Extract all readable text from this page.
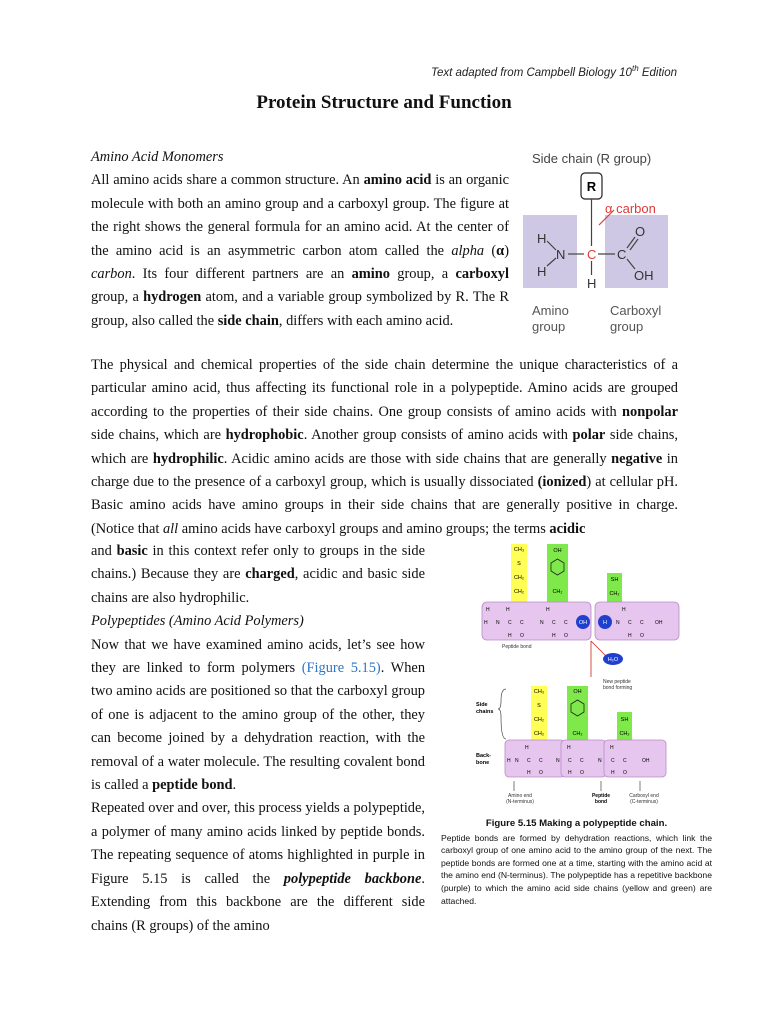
Text adapted from Campbell Biology 10th Edition
Protein Structure and Function
Amino Acid Monomers

All amino acids share a common structure. An amino acid is an organic molecule with both an amino group and a carboxyl group. The figure at the right shows the general formula for an amino acid. At the center of the amino acid is an asymmetric carbon atom called the alpha (α) carbon. Its four different partners are an amino group, a carboxyl group, a hydrogen atom, and a variable group symbolized by R. The R group, also called the side chain, differs with each amino acid.

The physical and chemical properties of the side chain determine the unique characteristics of a particular amino acid, thus affecting its functional role in a polypeptide. Amino acids are grouped according to the properties of their side chains. One group consists of amino acids with nonpolar side chains, which are hydrophobic. Another group consists of amino acids with polar side chains, which are hydrophilic. Acidic amino acids are those with side chains that are generally negative in charge due to the presence of a carboxyl group, which is usually dissociated (ionized) at cellular pH. Basic amino acids have amino groups in their side chains that are generally positive in charge. (Notice that all amino acids have carboxyl groups and amino groups; the terms acidic

and basic in this context refer only to groups in the side chains.) Because they are charged, acidic and basic side chains are also hydrophilic.

Polypeptides (Amino Acid Polymers)

Now that we have examined amino acids, let’s see how they are linked to form polymers (Figure 5.15). When two amino acids are positioned so that the carboxyl group of one is adjacent to the amino group of the other, they can become joined by a dehydration reaction, with the removal of a water molecule. The resulting covalent bond is called a peptide bond.

Repeated over and over, this process yields a polypeptide, a polymer of many amino acids linked by peptide bonds. The repeating sequence of atoms highlighted in purple in Figure 5.15 is called the polypeptide backbone. Extending from this backbone are the different side chains (R groups) of the amino

Side chain (R group)
R
α carbon
H
H
N C
H
C
O
OH
Amino
group
Carboxyl
group
CH₃
S
CH₂
CH₂
OH
CH₂
SH
CH₂
H	H	H	H
H N C C	N C C
O	O
H	H
OH	H N C C OH
O
H
Peptide bond
H₂O
New peptide
bond forming
Side
chains
Back-
bone
CH₃
S
CH₂
CH₂
OH
CH₂
SH
CH₂
H	H	H
H N C C	N C C	N C C	OH
H O	H O	H O
Amino end
(N-terminus)
Peptide
bond
Carboxyl end
(C-terminus)
Figure 5.15 Making a polypeptide chain.
Peptide bonds are formed by dehydration reactions, which link the carboxyl group of one amino acid to the amino group of the next. The peptide bonds are formed one at a time, starting with the amino acid at the amino end (N-terminus). The polypeptide has a repetitive backbone (purple) to which the amino acid side chains (yellow and green) are attached.
